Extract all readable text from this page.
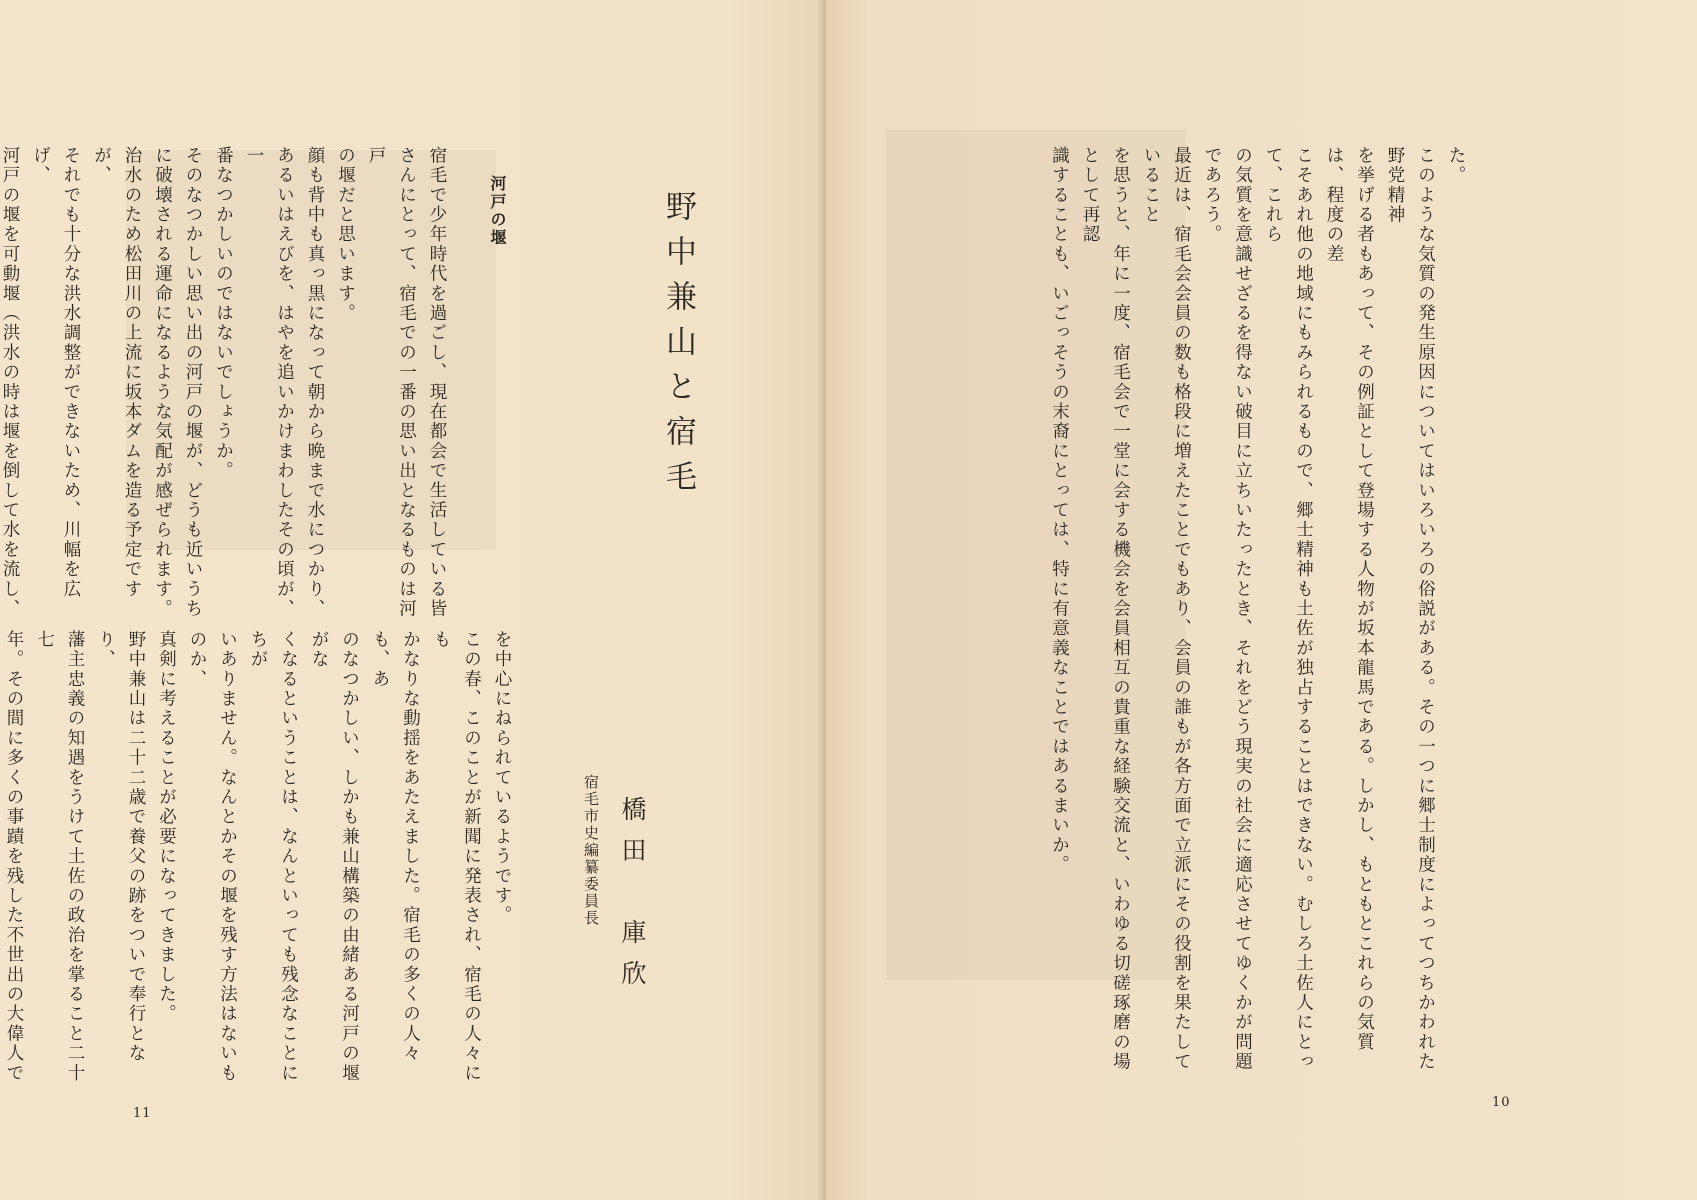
野中兼山と宿毛
橋田　庫欣
宿毛市史編纂委員長
河戸の堰
宿毛で少年時代を過ごし、現在都会で生活している皆
さんにとって、宿毛での一番の思い出となるものは河戸
の堰だと思います。
顔も背中も真っ黒になって朝から晩まで水につかり、
あるいはえびを、はやを追いかけまわしたその頃が、一
番なつかしいのではないでしょうか。
そのなつかしい思い出の河戸の堰が、どうも近いうち
に破壊される運命になるような気配が感ぜられます。
治水のため松田川の上流に坂本ダムを造る予定ですが、
それでも十分な洪水調整ができないため、川幅を広げ、
河戸の堰を可動堰（洪水の時は堰を倒して水を流し、

を中心にねられているようです。
この春、このことが新聞に発表され、宿毛の人々にも
かなりな動揺をあたえました。宿毛の多くの人々も、あ
のなつかしい、しかも兼山構築の由緒ある河戸の堰がな
くなるということは、なんといっても残念なことにちが
いありません。なんとかその堰を残す方法はないものか、
真剣に考えることが必要になってきました。
野中兼山は二十二歳で養父の跡をついで奉行となり、
藩主忠義の知遇をうけて土佐の政治を掌ること二十七
年。その間に多くの事蹟を残した不世出の大偉人で

11
た。
このような気質の発生原因についてはいろいろの俗説がある。その一つに郷士制度によってつちかわれた野党精神
を挙げる者もあって、その例証として登場する人物が坂本龍馬である。しかし、もともとこれらの気質は、程度の差
こそあれ他の地域にもみられるもので、郷士精神も土佐が独占することはできない。むしろ土佐人にとって、これら
の気質を意識せざるを得ない破目に立ちいたったとき、それをどう現実の社会に適応させてゆくかが問題であろう。
最近は、宿毛会会員の数も格段に増えたことでもあり、会員の誰もが各方面で立派にその役割を果たしていること
を思うと、年に一度、宿毛会で一堂に会する機会を会員相互の貴重な経験交流と、いわゆる切磋琢磨の場として再認
識することも、いごっそうの末裔にとっては、特に有意義なことではあるまいか。
10
